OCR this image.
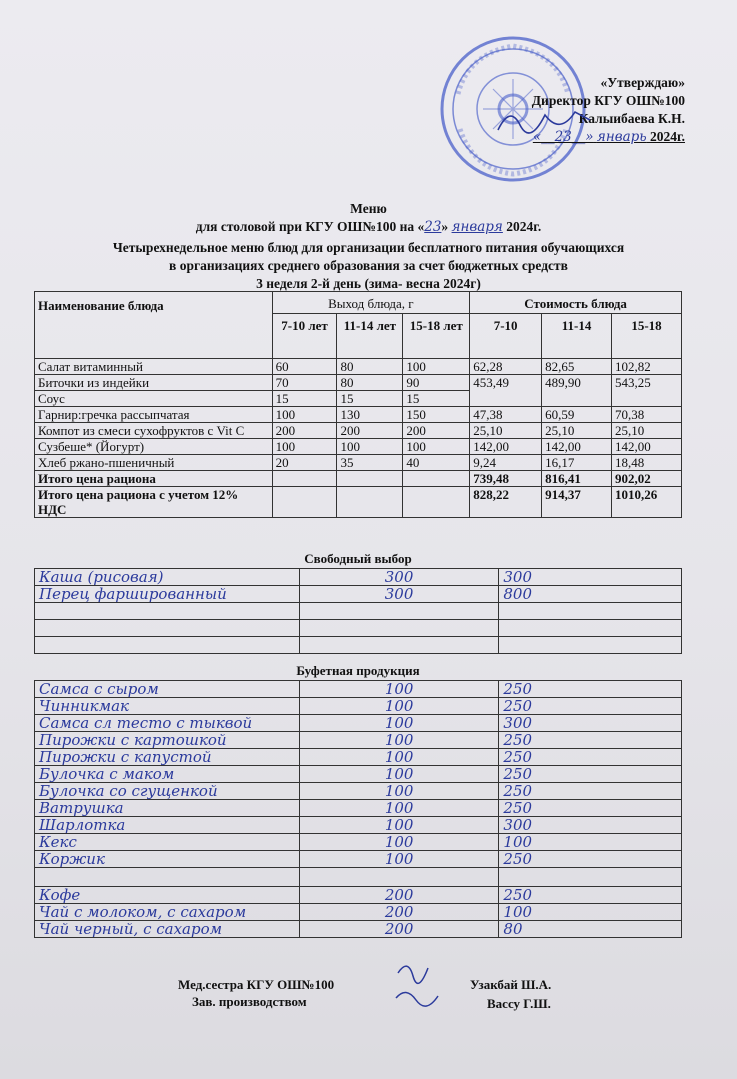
«Утверждаю»
Директор КГУ ОШ№100
Калыибаева К.Н.
«__23__» январь 2024г.
Меню
для столовой при КГУ ОШ№100 на «23» января 2024г.
Четырехнедельное меню блюд для организации бесплатного питания обучающихся
в организациях среднего образования за счет бюджетных средств
3 неделя 2-й день (зима- весна 2024г)
Наименование блюда	Выход блюда, г			Стоимость блюда		
	7-10 лет	11-14 лет	15-18 лет	7-10	11-14	15-18
Салат витаминный	60	80	100	62,28	82,65	102,82
Биточки из индейки	70	80	90	453,49	489,90	543,25
Соус	15	15	15			
Гарнир:гречка рассыпчатая	100	130	150	47,38	60,59	70,38
Компот из смеси сухофруктов с Vit C	200	200	200	25,10	25,10	25,10
Сузбеше* (Йогурт)	100	100	100	142,00	142,00	142,00
Хлеб ржано-пшеничный	20	35	40	9,24	16,17	18,48
Итого цена рациона				739,48	816,41	902,02
Итого цена рациона с учетом 12% НДС				828,22	914,37	1010,26
Свободный выбор
Каша (рисовая)	300	300
Перец фаршированный	300	800

Буфетная продукция
Самса с сыром	100	250
Чинникмак	100	250
Самса сл тесто с тыквой	100	300
Пирожки с картошкой	100	250
Пирожки с капустой	100	250
Булочка с маком	100	250
Булочка со сгущенкой	100	250
Ватрушка	100	250
Шарлотка	100	300
Кекс	100	100
Коржик	100	250

Кофе	200	250
Чай с молоком, с сахаром	200	100
Чай черный, с сахаром	200	80
Мед.сестра КГУ ОШ№100	Узакбай Ш.А.
Зав. производством	Вассу Г.Ш.
